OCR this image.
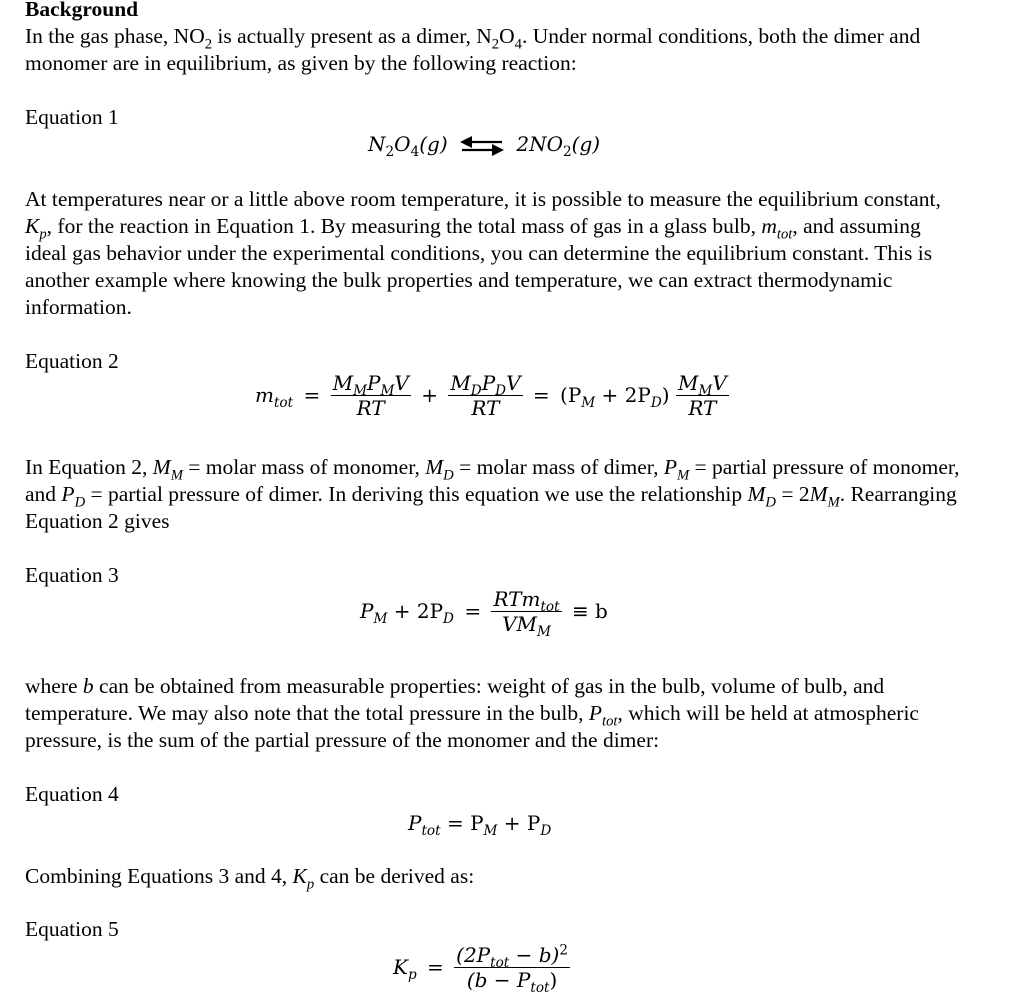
Background

In the gas phase, $NO_2$ is actually present as a dimer, $N_2O_4$. Under normal conditions, both the dimer and monomer are in equilibrium, as given by the following reaction:

Equation 1
$N_2O_4(g)$ ⇌ $2NO_2(g)$

At temperatures near or a little above room temperature, it is possible to measure the equilibrium constant, $K_p$, for the reaction in Equation 1. By measuring the total mass of gas in a glass bulb, $m_{tot}$, and assuming ideal gas behavior under the experimental conditions, you can determine the equilibrium constant. This is another example where knowing the bulk properties and temperature, we can extract thermodynamic information.

Equation 2
$m_{tot} = \frac{M_MP_MV}{RT} + \frac{M_DP_DV}{RT} = (P_M + 2P_D) \frac{M_MV}{RT}$

In Equation 2, $M_M$ = molar mass of monomer, $M_D$ = molar mass of dimer, $P_M$ = partial pressure of monomer, and $P_D$ = partial pressure of dimer. In deriving this equation we use the relationship $M_D = 2M_M$. Rearranging Equation 2 gives

Equation 3
$P_M + 2P_D = \frac{RTm_{tot}}{VM_M} \equiv b$

where b can be obtained from measurable properties: weight of gas in the bulb, volume of bulb, and temperature. We may also note that the total pressure in the bulb, $P_{tot}$, which will be held at atmospheric pressure, is the sum of the partial pressure of the monomer and the dimer:

Equation 4
$P_{tot} = P_M + P_D$

Combining Equations 3 and 4, $K_p$ can be derived as:

Equation 5
$K_p = \frac{(2P_{tot} - b)^2}{(b - P_{tot})}$
